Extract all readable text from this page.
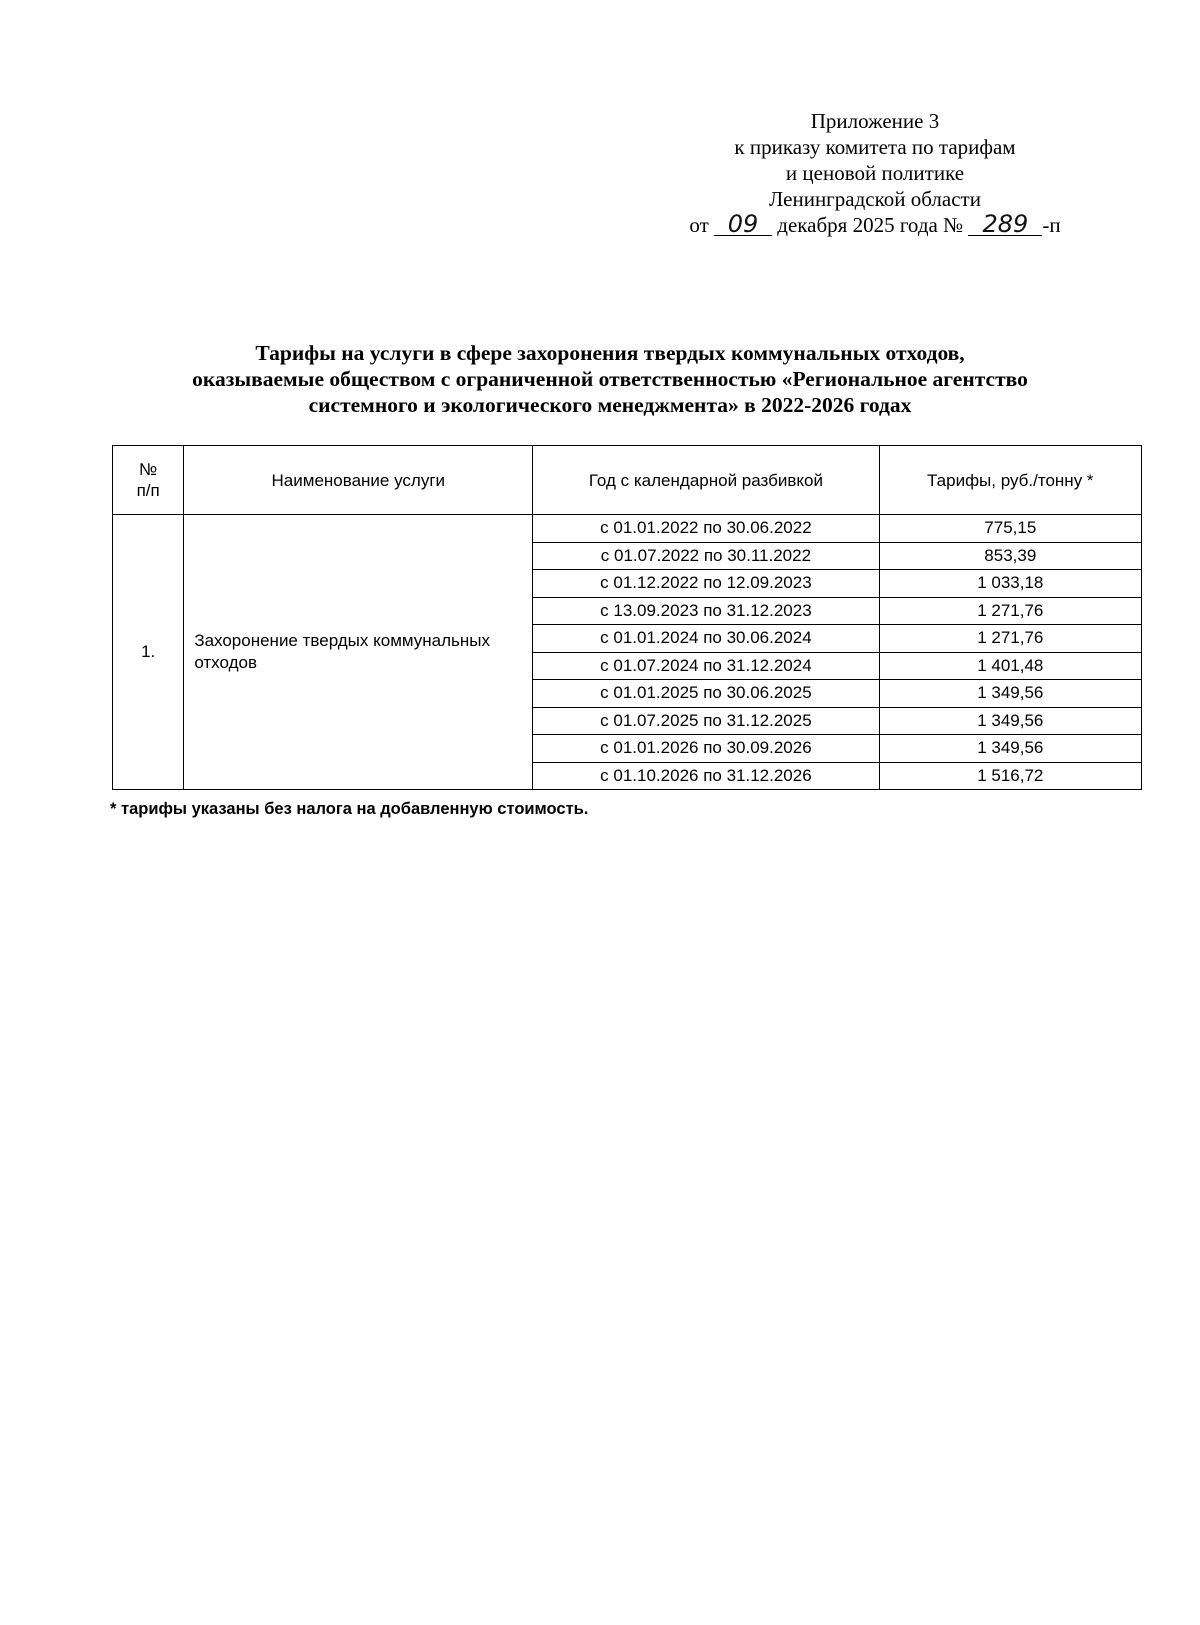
Приложение 3
к приказу комитета по тарифам
и ценовой политике
Ленинградской области
от 09 декабря 2025 года № 289 -п
Тарифы на услуги в сфере захоронения твердых коммунальных отходов,
оказываемые обществом с ограниченной ответственностью «Региональное агентство
системного и экологического менеджмента» в 2022-2026 годах
№
п/п	Наименование услуги	Год с календарной разбивкой	Тарифы, руб./тонну *
1.	Захоронение твердых коммунальных отходов	с 01.01.2022 по 30.06.2022	775,15
		с 01.07.2022 по 30.11.2022	853,39
		с 01.12.2022 по 12.09.2023	1 033,18
		с 13.09.2023 по 31.12.2023	1 271,76
		с 01.01.2024 по 30.06.2024	1 271,76
		с 01.07.2024 по 31.12.2024	1 401,48
		с 01.01.2025 по 30.06.2025	1 349,56
		с 01.07.2025 по 31.12.2025	1 349,56
		с 01.01.2026 по 30.09.2026	1 349,56
		с 01.10.2026 по 31.12.2026	1 516,72
* тарифы указаны без налога на добавленную стоимость.
